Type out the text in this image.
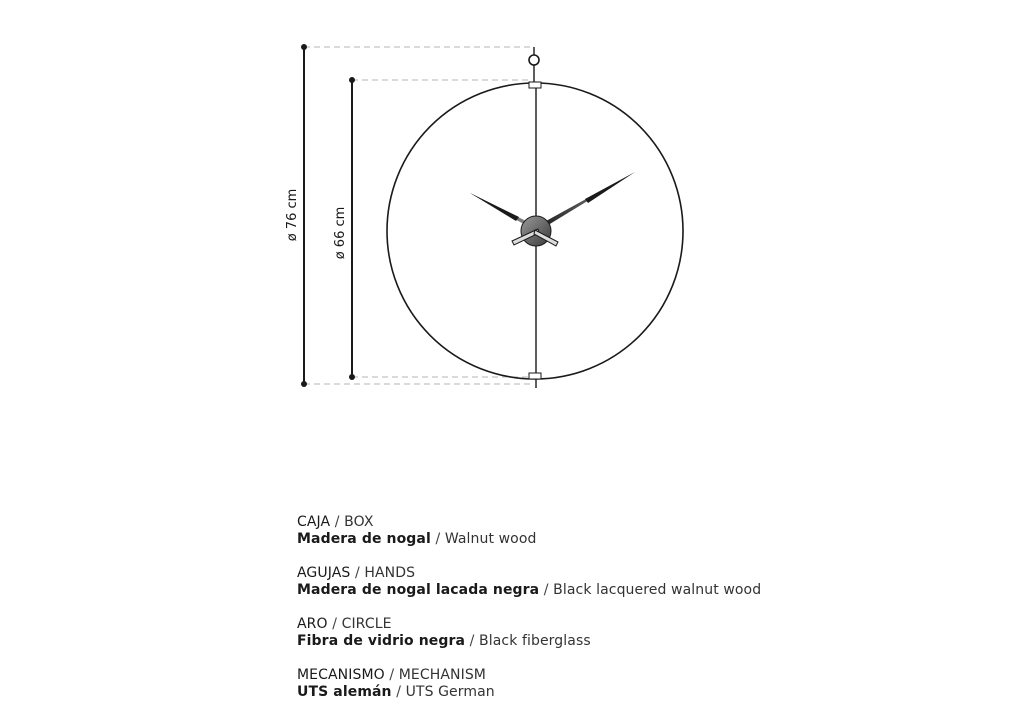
ø 76 cm	ø 66 cm
CAJA / BOX
Madera de nogal / Walnut wood
AGUJAS / HANDS
Madera de nogal lacada negra / Black lacquered walnut wood
ARO / CIRCLE
Fibra de vidrio negra / Black fiberglass
MECANISMO / MECHANISM
UTS alemán / UTS German
